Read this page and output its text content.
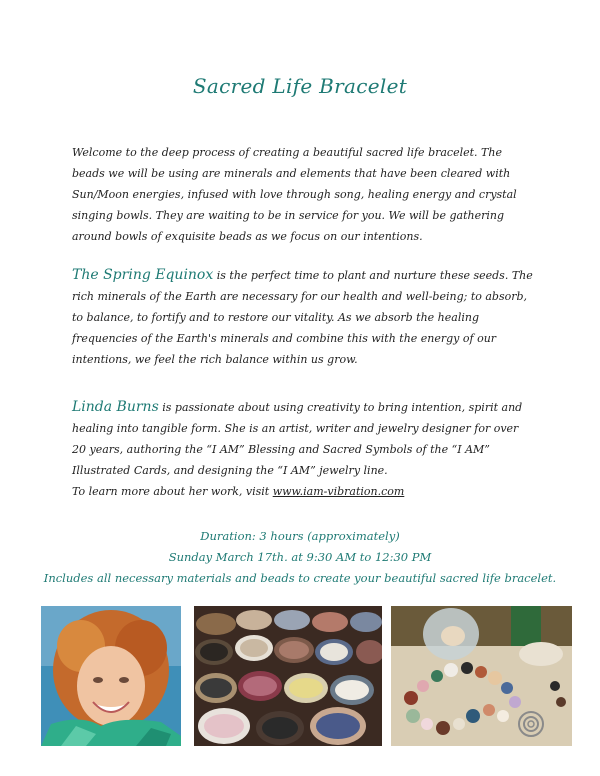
Sacred Life Bracelet
Welcome to the deep process of creating a beautiful sacred life bracelet. The beads we will be using are minerals and elements that have been cleared with Sun/Moon energies, infused with love through song, healing energy and crystal singing bowls. They are waiting to be in service for you. We will be gathering around bowls of exquisite beads as we focus on our intentions.
The Spring Equinox is the perfect time to plant and nurture these seeds. The rich minerals of the Earth are necessary for our health and well-being; to absorb, to balance, to fortify and to restore our vitality. As we absorb the healing frequencies of the Earth's minerals and combine this with the energy of our intentions, we feel the rich balance within us grow.
Linda Burns is passionate about using creativity to bring intention, spirit and healing into tangible form. She is an artist, writer and jewelry designer for over 20 years, authoring the “I AM” Blessing and Sacred Symbols of the “I AM” Illustrated Cards, and designing the “I AM” jewelry line.
To learn more about her work, visit www.iam-vibration.com
Duration: 3 hours (approximately)
Sunday March 17th. at 9:30 AM to 12:30 PM
Includes all necessary materials and beads to create your beautiful sacred life bracelet.
